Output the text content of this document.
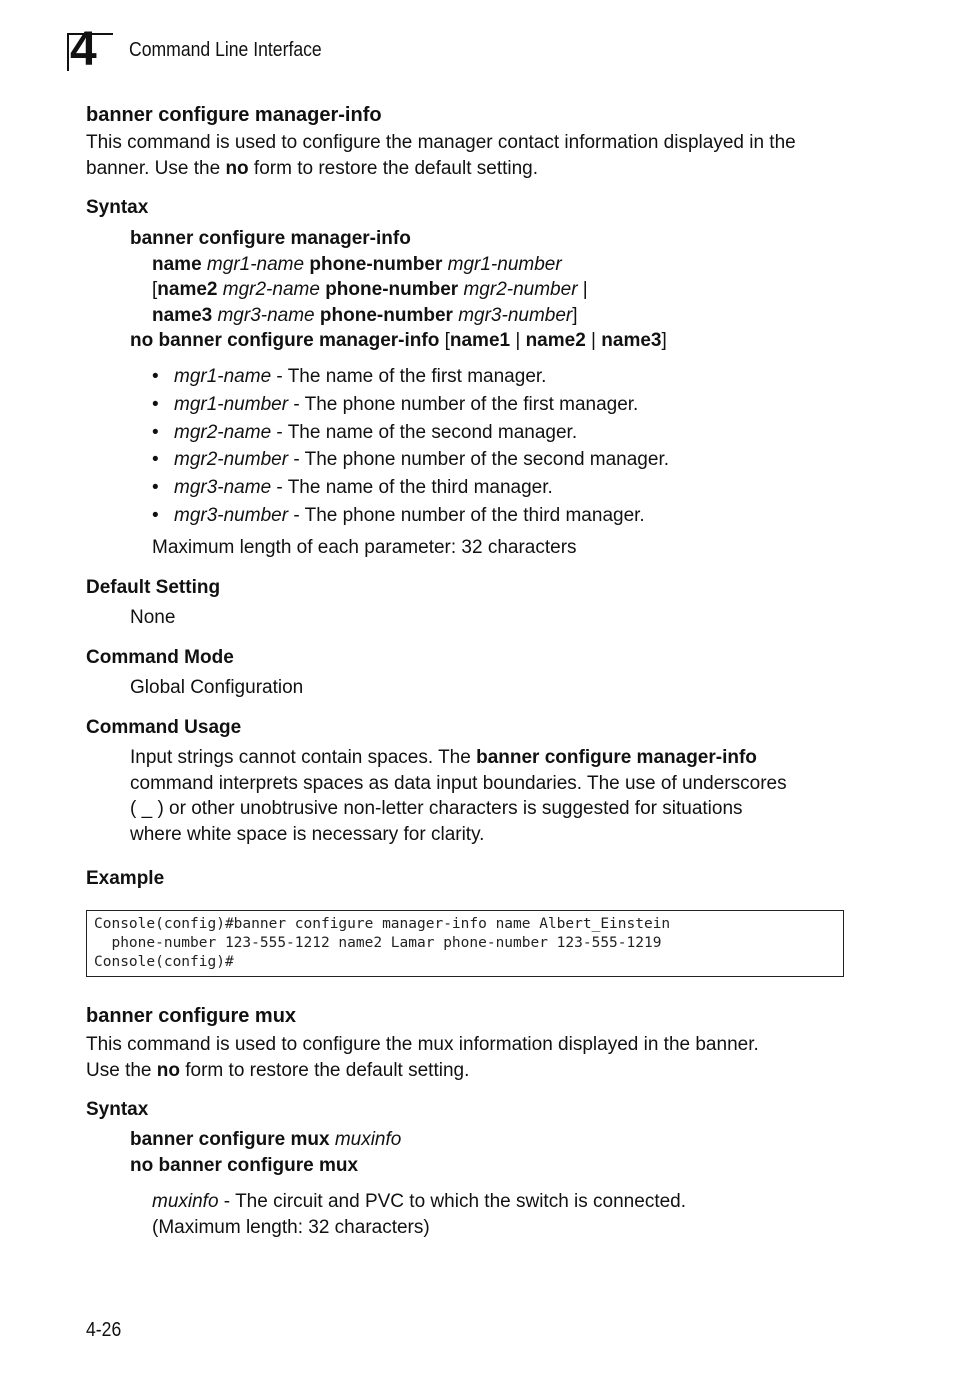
4 Command Line Interface
banner configure manager-info
This command is used to configure the manager contact information displayed in the
banner. Use the no form to restore the default setting.
Syntax
banner configure manager-info
name mgr1-name phone-number mgr1-number
[name2 mgr2-name phone-number mgr2-number |
name3 mgr3-name phone-number mgr3-number]
no banner configure manager-info [name1 | name2 | name3]
• mgr1-name - The name of the first manager.
• mgr1-number - The phone number of the first manager.
• mgr2-name - The name of the second manager.
• mgr2-number - The phone number of the second manager.
• mgr3-name - The name of the third manager.
• mgr3-number - The phone number of the third manager.
Maximum length of each parameter: 32 characters
Default Setting
None
Command Mode
Global Configuration
Command Usage
Input strings cannot contain spaces. The banner configure manager-info
command interprets spaces as data input boundaries. The use of underscores
( _ ) or other unobtrusive non-letter characters is suggested for situations
where white space is necessary for clarity.
Example
Console(config)#banner configure manager-info name Albert_Einstein
phone-number 123-555-1212 name2 Lamar phone-number 123-555-1219
Console(config)#
banner configure mux
This command is used to configure the mux information displayed in the banner.
Use the no form to restore the default setting.
Syntax
banner configure mux muxinfo
no banner configure mux
muxinfo - The circuit and PVC to which the switch is connected.
(Maximum length: 32 characters)
4-26
